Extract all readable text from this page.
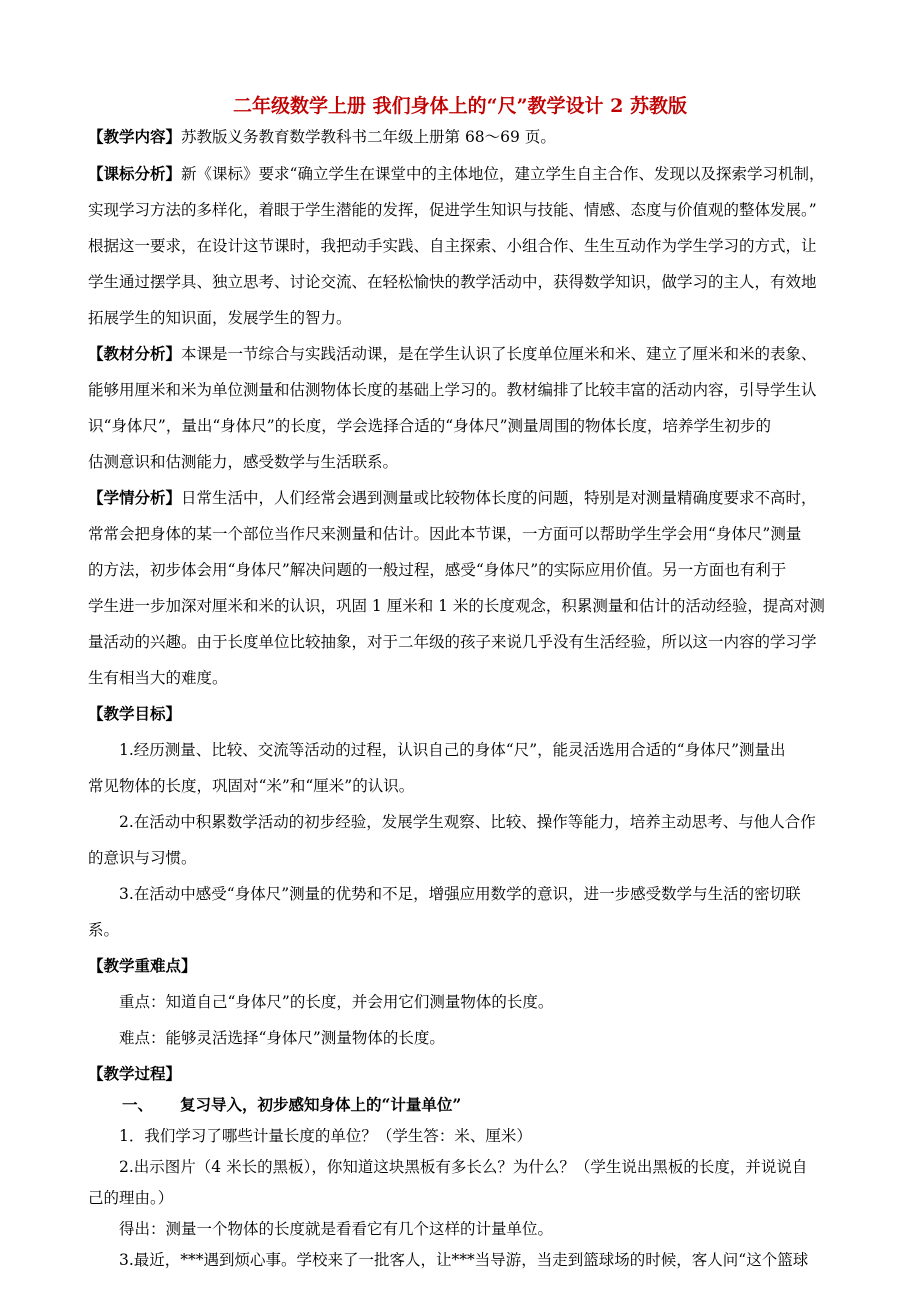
二年级数学上册 我们身体上的“尺”教学设计 2 苏教版
【教学内容】苏教版义务教育数学教科书二年级上册第 68～69 页。
【课标分析】新《课标》要求“确立学生在课堂中的主体地位，建立学生自主合作、发现以及探索学习机制，
实现学习方法的多样化，着眼于学生潜能的发挥，促进学生知识与技能、情感、态度与价值观的整体发展。”
根据这一要求，在设计这节课时，我把动手实践、自主探索、小组合作、生生互动作为学生学习的方式，让
学生通过摆学具、独立思考、讨论交流、在轻松愉快的教学活动中，获得数学知识，做学习的主人，有效地
拓展学生的知识面，发展学生的智力。
【教材分析】本课是一节综合与实践活动课，是在学生认识了长度单位厘米和米、建立了厘米和米的表象、
能够用厘米和米为单位测量和估测物体长度的基础上学习的。教材编排了比较丰富的活动内容，引导学生认
识“身体尺”，量出“身体尺”的长度，学会选择合适的“身体尺”测量周围的物体长度，培养学生初步的
估测意识和估测能力，感受数学与生活联系。
【学情分析】日常生活中，人们经常会遇到测量或比较物体长度的问题，特别是对测量精确度要求不高时，
常常会把身体的某一个部位当作尺来测量和估计。因此本节课，一方面可以帮助学生学会用“身体尺”测量
的方法，初步体会用“身体尺”解决问题的一般过程，感受“身体尺”的实际应用价值。另一方面也有利于
学生进一步加深对厘米和米的认识，巩固 1 厘米和 1 米的长度观念，积累测量和估计的活动经验，提高对测
量活动的兴趣。由于长度单位比较抽象，对于二年级的孩子来说几乎没有生活经验，所以这一内容的学习学
生有相当大的难度。
【教学目标】
1.经历测量、比较、交流等活动的过程，认识自己的身体“尺”，能灵活选用合适的“身体尺”测量出
常见物体的长度，巩固对“米”和“厘米”的认识。
2.在活动中积累数学活动的初步经验，发展学生观察、比较、操作等能力，培养主动思考、与他人合作
的意识与习惯。
3.在活动中感受“身体尺”测量的优势和不足，增强应用数学的意识，进一步感受数学与生活的密切联
系。
【教学重难点】
重点：知道自己“身体尺”的长度，并会用它们测量物体的长度。
难点：能够灵活选择“身体尺”测量物体的长度。
【教学过程】
一、 复习导入，初步感知身体上的“计量单位”
1．我们学习了哪些计量长度的单位？（学生答：米、厘米）
2.出示图片（4 米长的黑板），你知道这块黑板有多长么？为什么？（学生说出黑板的长度，并说说自
己的理由。）
得出：测量一个物体的长度就是看看它有几个这样的计量单位。
3.最近，***遇到烦心事。学校来了一批客人，让***当导游，当走到篮球场的时候，客人问“这个篮球
